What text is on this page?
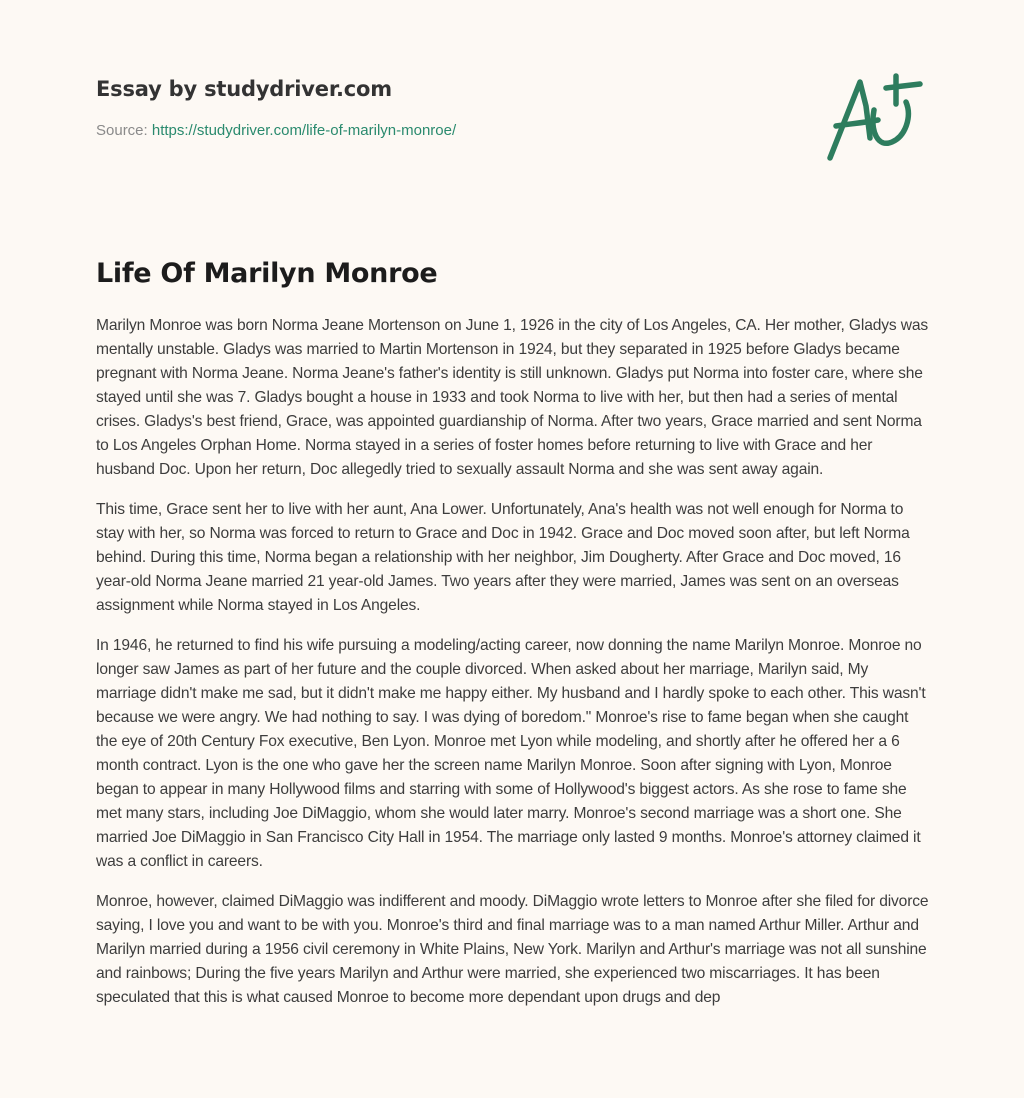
Essay by studydriver.com
Source: https://studydriver.com/life-of-marilyn-monroe/
Life Of Marilyn Monroe

Marilyn Monroe was born Norma Jeane Mortenson on June 1, 1926 in the city of Los Angeles, CA. Her mother, Gladys was mentally unstable. Gladys was married to Martin Mortenson in 1924, but they separated in 1925 before Gladys became pregnant with Norma Jeane. Norma Jeane's father's identity is still unknown. Gladys put Norma into foster care, where she stayed until she was 7. Gladys bought a house in 1933 and took Norma to live with her, but then had a series of mental crises. Gladys's best friend, Grace, was appointed guardianship of Norma. After two years, Grace married and sent Norma to Los Angeles Orphan Home. Norma stayed in a series of foster homes before returning to live with Grace and her husband Doc. Upon her return, Doc allegedly tried to sexually assault Norma and she was sent away again.

This time, Grace sent her to live with her aunt, Ana Lower. Unfortunately, Ana's health was not well enough for Norma to stay with her, so Norma was forced to return to Grace and Doc in 1942. Grace and Doc moved soon after, but left Norma behind. During this time, Norma began a relationship with her neighbor, Jim Dougherty. After Grace and Doc moved, 16 year-old Norma Jeane married 21 year-old James. Two years after they were married, James was sent on an overseas assignment while Norma stayed in Los Angeles.

In 1946, he returned to find his wife pursuing a modeling/acting career, now donning the name Marilyn Monroe. Monroe no longer saw James as part of her future and the couple divorced. When asked about her marriage, Marilyn said, My marriage didn't make me sad, but it didn't make me happy either. My husband and I hardly spoke to each other. This wasn't because we were angry. We had nothing to say. I was dying of boredom." Monroe's rise to fame began when she caught the eye of 20th Century Fox executive, Ben Lyon. Monroe met Lyon while modeling, and shortly after he offered her a 6 month contract. Lyon is the one who gave her the screen name Marilyn Monroe. Soon after signing with Lyon, Monroe began to appear in many Hollywood films and starring with some of Hollywood's biggest actors. As she rose to fame she met many stars, including Joe DiMaggio, whom she would later marry. Monroe's second marriage was a short one. She married Joe DiMaggio in San Francisco City Hall in 1954. The marriage only lasted 9 months. Monroe's attorney claimed it was a conflict in careers.

Monroe, however, claimed DiMaggio was indifferent and moody. DiMaggio wrote letters to Monroe after she filed for divorce saying, I love you and want to be with you. Monroe's third and final marriage was to a man named Arthur Miller. Arthur and Marilyn married during a 1956 civil ceremony in White Plains, New York. Marilyn and Arthur's marriage was not all sunshine and rainbows; During the five years Marilyn and Arthur were married, she experienced two miscarriages. It has been speculated that this is what caused Monroe to become more dependant upon drugs and dep
